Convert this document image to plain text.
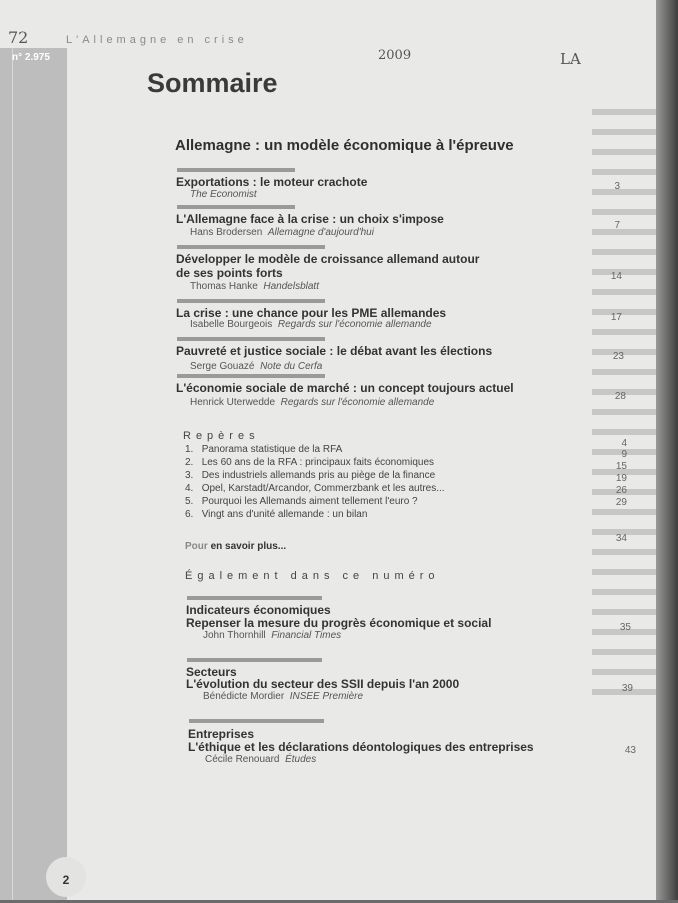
n° 2.975
2
L'Allemagne en crise
72
2009	LA
Sommaire
Allemagne : un modèle économique à l'épreuve
Exportations : le moteur crachote
The Economist
3
L'Allemagne face à la crise : un choix s'impose
Hans Brodersen Allemagne d'aujourd'hui
7
Développer le modèle de croissance allemand autour de ses points forts
Thomas Hanke Handelsblatt
14
La crise : une chance pour les PME allemandes
Isabelle Bourgeois Regards sur l'économie allemande
17
Pauvreté et justice sociale : le débat avant les élections
Serge Gouazé Note du Cerfa
23
L'économie sociale de marché : un concept toujours actuel
Henrick Uterwedde Regards sur l'économie allemande
28
Repères
1. Panorama statistique de la RFA
4
2. Les 60 ans de la RFA : principaux faits économiques
9
3. Des industriels allemands pris au piège de la finance
15
4. Opel, Karstadt/Arcandor, Commerzbank et les autres...
19
5. Pourquoi les Allemands aiment tellement l'euro ?
26
6. Vingt ans d'unité allemande : un bilan
29
Pour en savoir plus...
34
Également dans ce numéro
Indicateurs économiques
Repenser la mesure du progrès économique et social
John Thornhill Financial Times
35
Secteurs
L'évolution du secteur des SSII depuis l'an 2000
Bénédicte Mordier INSEE Première
39
Entreprises
L'éthique et les déclarations déontologiques des entreprises
Cécile Renouard Études
43
